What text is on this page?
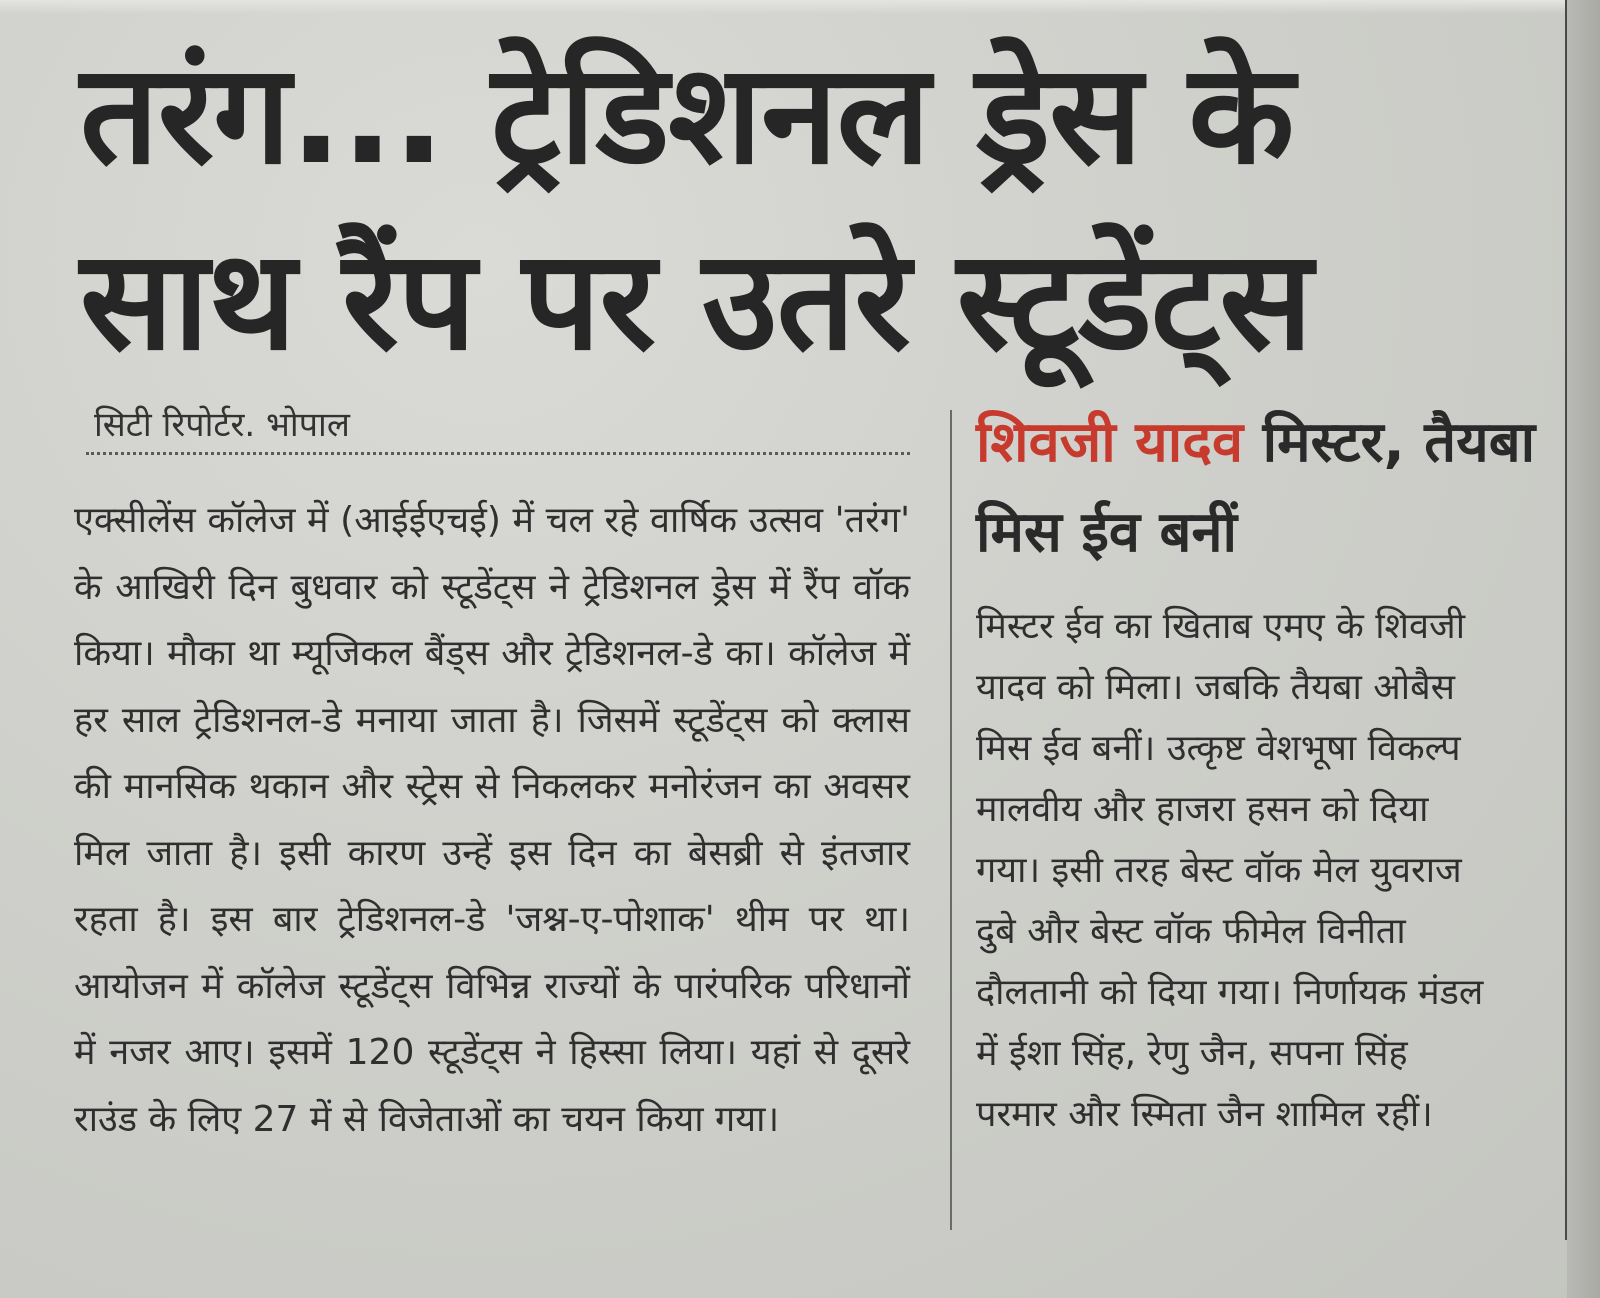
तरंग... ट्रेडिशनल ड्रेस के साथ रैंप पर उतरे स्टूडेंट्स
सिटी रिपोर्टर. भोपाल

एक्सीलेंस कॉलेज में (आईईएचई) में चल रहे वार्षिक उत्सव 'तरंग' के आखिरी दिन बुधवार को स्टूडेंट्स ने ट्रेडिशनल ड्रेस में रैंप वॉक किया। मौका था म्यूजिकल बैंड्स और ट्रेडिशनल-डे का। कॉलेज में हर साल ट्रेडिशनल-डे मनाया जाता है। जिसमें स्टूडेंट्स को क्लास की मानसिक थकान और स्ट्रेस से निकलकर मनोरंजन का अवसर मिल जाता है। इसी कारण उन्हें इस दिन का बेसब्री से इंतजार रहता है। इस बार ट्रेडिशनल-डे 'जश्न-ए-पोशाक' थीम पर था। आयोजन में कॉलेज स्टूडेंट्स विभिन्न राज्यों के पारंपरिक परिधानों में नजर आए। इसमें 120 स्टूडेंट्स ने हिस्सा लिया। यहां से दूसरे राउंड के लिए 27 में से विजेताओं का चयन किया गया।

शिवजी यादव मिस्टर, तैयबा मिस ईव बनीं

मिस्टर ईव का खिताब एमए के शिवजी यादव को मिला। जबकि तैयबा ओबैस मिस ईव बनीं। उत्कृष्ट वेशभूषा विकल्प मालवीय और हाजरा हसन को दिया गया। इसी तरह बेस्ट वॉक मेल युवराज दुबे और बेस्ट वॉक फीमेल विनीता दौलतानी को दिया गया। निर्णायक मंडल में ईशा सिंह, रेणु जैन, सपना सिंह परमार और स्मिता जैन शामिल रहीं।
